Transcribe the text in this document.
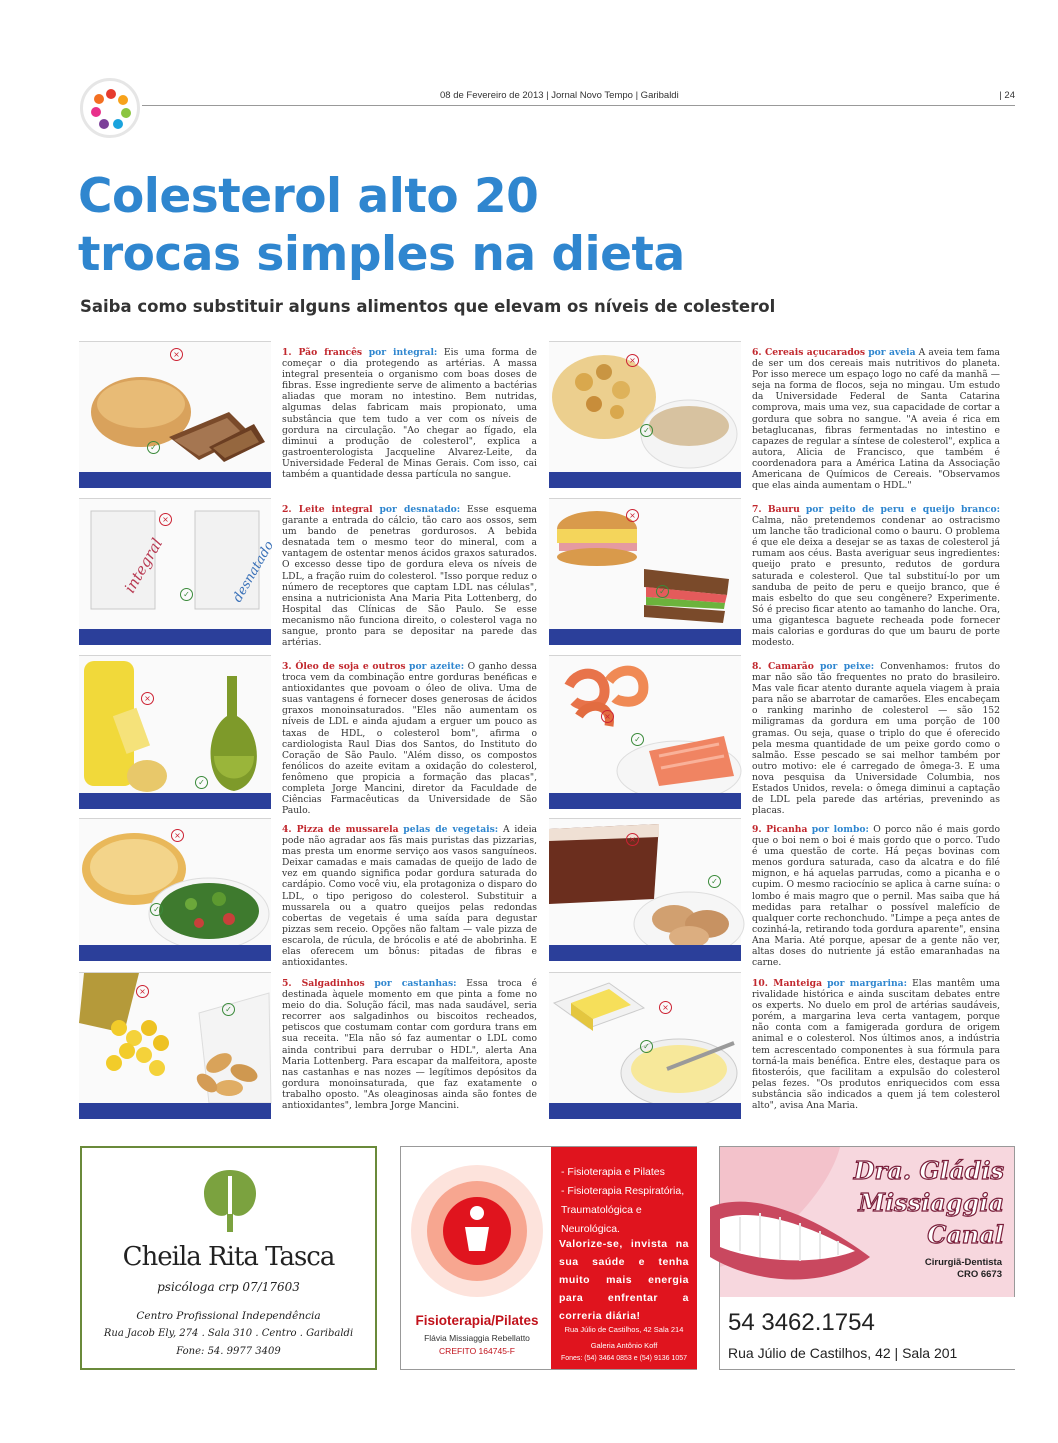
08 de Fevereiro de 2013 | Jornal Novo Tempo | Garibaldi	| 24
Colesterol alto 20
trocas simples na dieta
Saiba como substituir alguns alimentos que elevam os níveis de colesterol
×
✓
1. Pão francês por integral: Eis uma forma de começar o dia protegendo as artérias. A massa integral presenteia o organismo com boas doses de fibras. Esse ingrediente serve de alimento a bactérias aliadas que moram no intestino. Bem nutridas, algumas delas fabricam mais propionato, uma substância que tem tudo a ver com os níveis de gordura na circulação. "Ao chegar ao fígado, ela diminui a produção de colesterol", explica a gastroenterologista Jacqueline Alvarez-Leite, da Universidade Federal de Minas Gerais. Com isso, cai também a quantidade dessa partícula no sangue.
×
✓
6. Cereais açucarados por aveia A aveia tem fama de ser um dos cereais mais nutritivos do planeta. Por isso merece um espaço logo no café da manhã — seja na forma de flocos, seja no mingau. Um estudo da Universidade Federal de Santa Catarina comprova, mais uma vez, sua capacidade de cortar a gordura que sobra no sangue. "A aveia é rica em betaglucanas, fibras fermentadas no intestino e capazes de regular a síntese de colesterol", explica a autora, Alicia de Francisco, que também é coordenadora para a América Latina da Associação Americana de Químicos de Cereais. "Observamos que elas ainda aumentam o HDL."
integral	desnatado
×
✓
2. Leite integral por desnatado: Esse esquema garante a entrada do cálcio, tão caro aos ossos, sem um bando de penetras gordurosos. A bebida desnatada tem o mesmo teor do mineral, com a vantagem de ostentar menos ácidos graxos saturados. O excesso desse tipo de gordura eleva os níveis de LDL, a fração ruim do colesterol. "Isso porque reduz o número de receptores que captam LDL nas células", ensina a nutricionista Ana Maria Pita Lottenberg, do Hospital das Clínicas de São Paulo. Se esse mecanismo não funciona direito, o colesterol vaga no sangue, pronto para se depositar na parede das artérias.
×
✓
7. Bauru por peito de peru e queijo branco: Calma, não pretendemos condenar ao ostracismo um lanche tão tradicional como o bauru. O problema é que ele deixa a desejar se as taxas de colesterol já rumam aos céus. Basta averiguar seus ingredientes: queijo prato e presunto, redutos de gordura saturada e colesterol. Que tal substituí-lo por um sanduba de peito de peru e queijo branco, que é mais esbelto do que seu congênere? Experimente. Só é preciso ficar atento ao tamanho do lanche. Ora, uma gigantesca baguete recheada pode fornecer mais calorias e gorduras do que um bauru de porte modesto.
×
✓
3. Óleo de soja e outros por azeite: O ganho dessa troca vem da combinação entre gorduras benéficas e antioxidantes que povoam o óleo de oliva. Uma de suas vantagens é fornecer doses generosas de ácidos graxos monoinsaturados. "Eles não aumentam os níveis de LDL e ainda ajudam a erguer um pouco as taxas de HDL, o colesterol bom", afirma o cardiologista Raul Dias dos Santos, do Instituto do Coração de São Paulo. "Além disso, os compostos fenólicos do azeite evitam a oxidação do colesterol, fenômeno que propicia a formação das placas", completa Jorge Mancini, diretor da Faculdade de Ciências Farmacêuticas da Universidade de São Paulo.
×
✓
8. Camarão por peixe: Convenhamos: frutos do mar não são tão frequentes no prato do brasileiro. Mas vale ficar atento durante aquela viagem à praia para não se abarrotar de camarões. Eles encabeçam o ranking marinho de colesterol — são 152 miligramas da gordura em uma porção de 100 gramas. Ou seja, quase o triplo do que é oferecido pela mesma quantidade de um peixe gordo como o salmão. Esse pescado se sai melhor também por outro motivo: ele é carregado de ômega-3. E uma nova pesquisa da Universidade Columbia, nos Estados Unidos, revela: o ômega diminui a captação de LDL pela parede das artérias, prevenindo as placas.
×
✓
4. Pizza de mussarela pelas de vegetais: A ideia pode não agradar aos fãs mais puristas das pizzarias, mas presta um enorme serviço aos vasos sanguíneos. Deixar camadas e mais camadas de queijo de lado de vez em quando significa podar gordura saturada do cardápio. Como você viu, ela protagoniza o disparo do LDL, o tipo perigoso do colesterol. Substituir a mussarela ou a quatro queijos pelas redondas cobertas de vegetais é uma saída para degustar pizzas sem receio. Opções não faltam — vale pizza de escarola, de rúcula, de brócolis e até de abobrinha. E elas oferecem um bônus: pitadas de fibras e antioxidantes.
×
✓
9. Picanha por lombo: O porco não é mais gordo que o boi nem o boi é mais gordo que o porco. Tudo é uma questão de corte. Há peças bovinas com menos gordura saturada, caso da alcatra e do filé mignon, e há aquelas parrudas, como a picanha e o cupim. O mesmo raciocínio se aplica à carne suína: o lombo é mais magro que o pernil. Mas saiba que há medidas para retalhar o possível malefício de qualquer corte rechonchudo. "Limpe a peça antes de cozinhá-la, retirando toda gordura aparente", ensina Ana Maria. Até porque, apesar de a gente não ver, altas doses do nutriente já estão emaranhadas na carne.
×
✓
5. Salgadinhos por castanhas: Essa troca é destinada àquele momento em que pinta a fome no meio do dia. Solução fácil, mas nada saudável, seria recorrer aos salgadinhos ou biscoitos recheados, petiscos que costumam contar com gordura trans em sua receita. "Ela não só faz aumentar o LDL como ainda contribui para derrubar o HDL", alerta Ana Maria Lottenberg. Para escapar da malfeitora, aposte nas castanhas e nas nozes — legítimos depósitos da gordura monoinsaturada, que faz exatamente o trabalho oposto. "As oleaginosas ainda são fontes de antioxidantes", lembra Jorge Mancini.
×
✓
10. Manteiga por margarina: Elas mantêm uma rivalidade histórica e ainda suscitam debates entre os experts. No duelo em prol de artérias saudáveis, porém, a margarina leva certa vantagem, porque não conta com a famigerada gordura de origem animal e o colesterol. Nos últimos anos, a indústria tem acrescentado componentes à sua fórmula para torná-la mais benéfica. Entre eles, destaque para os fitosteróis, que facilitam a expulsão do colesterol pelas fezes. "Os produtos enriquecidos com essa substância são indicados a quem já tem colesterol alto", avisa Ana Maria.
Cheila Rita Tasca
psicóloga crp 07/17603
Centro Profissional Independência
Rua Jacob Ely, 274 . Sala 310 . Centro . Garibaldi
Fone: 54. 9977 3409
Fisioterapia/Pilates
Flávia Missiaggia Rebellatto
CREFITO 164745-F
- Fisioterapia e Pilates
- Fisioterapia Respiratória, Traumatológica e Neurológica.
Valorize-se, invista na sua saúde e tenha muito mais energia para enfrentar a correria diária!
Rua Júlio de Castilhos, 42 Sala 214
Galeria Antônio Koff
Fones: (54) 3464 0853 e (54) 9136 1057
Dra. Gládis
Missiaggia
Canal
Cirurgiã-Dentista
CRO 6673
54 3462.1754
Rua Júlio de Castilhos, 42 | Sala 201
